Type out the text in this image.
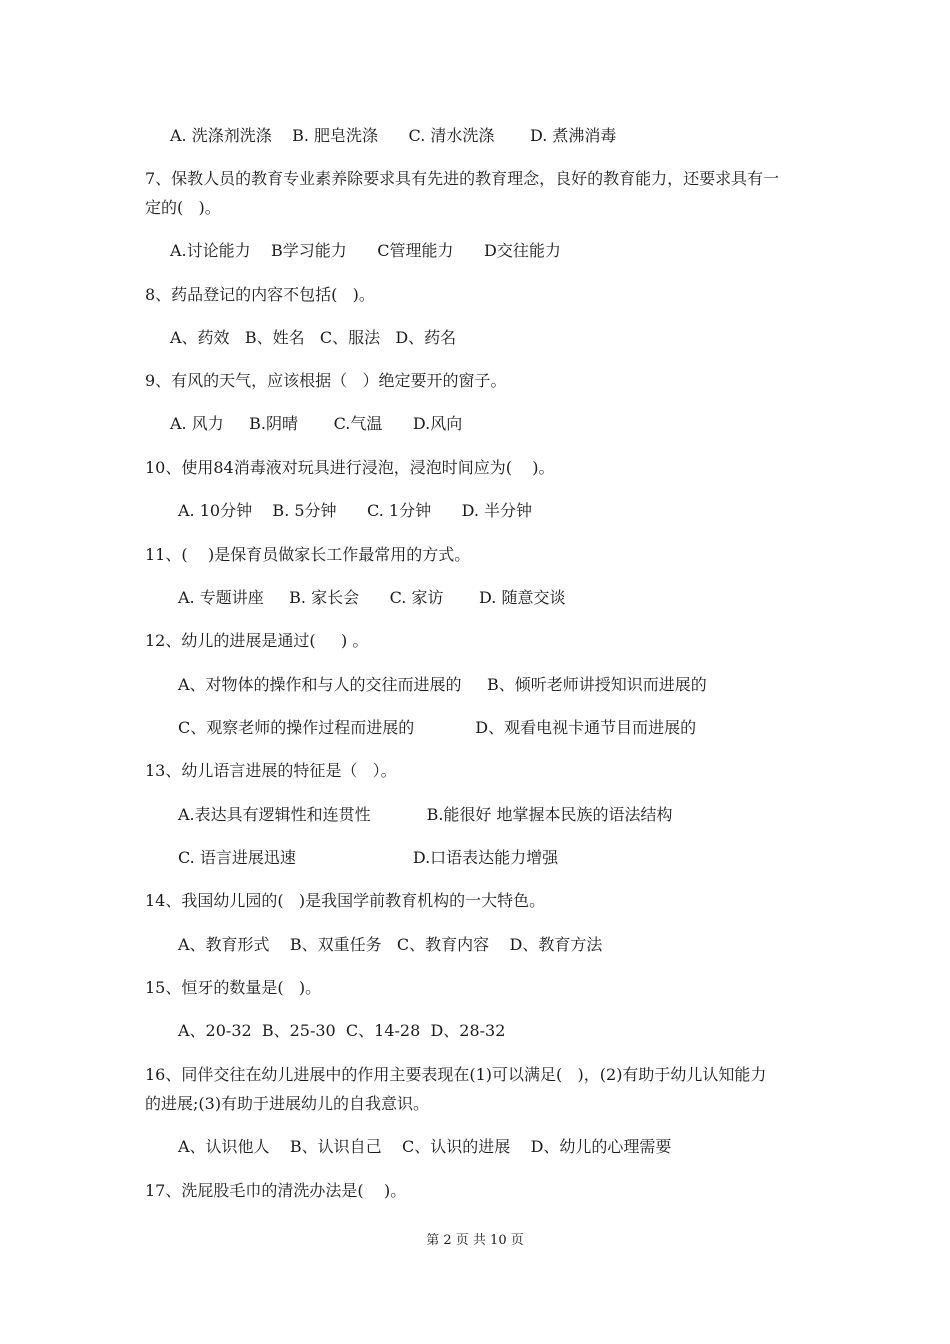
A. 洗涤剂洗涤    B. 肥皂洗涤      C. 清水洗涤       D. 煮沸消毒
7、保教人员的教育专业素养除要求具有先进的教育理念，良好的教育能力，还要求具有一
定的(   )。
A.讨论能力    B学习能力      C管理能力      D交往能力
8、药品登记的内容不包括(   )。
A、药效   B、姓名   C、服法   D、药名
9、有风的天气，应该根据（   ）绝定要开的窗子。
A. 风力     B.阴晴       C.气温      D.风向
10、使用84消毒液对玩具进行浸泡，浸泡时间应为(    )。
A. 10分钟    B. 5分钟      C. 1分钟      D. 半分钟
11、(    )是保育员做家长工作最常用的方式。
A. 专题讲座     B. 家长会      C. 家访       D. 随意交谈
12、幼儿的进展是通过(     ) 。
A、对物体的操作和与人的交往而进展的     B、倾听老师讲授知识而进展的
C、观察老师的操作过程而进展的            D、观看电视卡通节目而进展的
13、幼儿语言进展的特征是（   ）。
A.表达具有逻辑性和连贯性           B.能很好 地掌握本民族的语法结构
C. 语言进展迅速                       D.口语表达能力增强
14、我国幼儿园的(   )是我国学前教育机构的一大特色。
A、教育形式    B、双重任务   C、教育内容    D、教育方法
15、恒牙的数量是(   )。
A、20-32  B、25-30  C、14-28  D、28-32
16、同伴交往在幼儿进展中的作用主要表现在(1)可以满足(   )，(2)有助于幼儿认知能力
的进展;(3)有助于进展幼儿的自我意识。
A、认识他人    B、认识自己    C、认识的进展    D、幼儿的心理需要
17、洗屁股毛巾的清洗办法是(    )。
第 2 页 共 10 页
